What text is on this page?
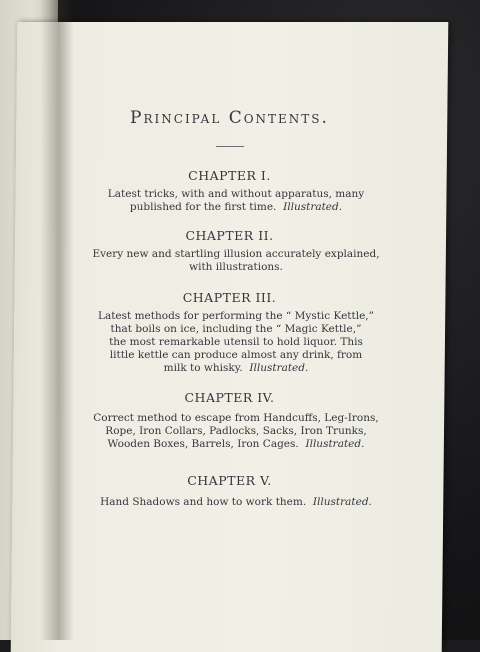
Principal Contents.
CHAPTER I.
Latest tricks, with and without apparatus, many
published for the first time. Illustrated.
CHAPTER II.
Every new and startling illusion accurately explained,
with illustrations.
CHAPTER III.
Latest methods for performing the “ Mystic Kettle,”
that boils on ice, including the “ Magic Kettle,”
the most remarkable utensil to hold liquor. This
little kettle can produce almost any drink, from
milk to whisky. Illustrated.
CHAPTER IV.
Correct method to escape from Handcuffs, Leg-Irons,
Rope, Iron Collars, Padlocks, Sacks, Iron Trunks,
Wooden Boxes, Barrels, Iron Cages. Illustrated.
CHAPTER V.
Hand Shadows and how to work them. Illustrated.
